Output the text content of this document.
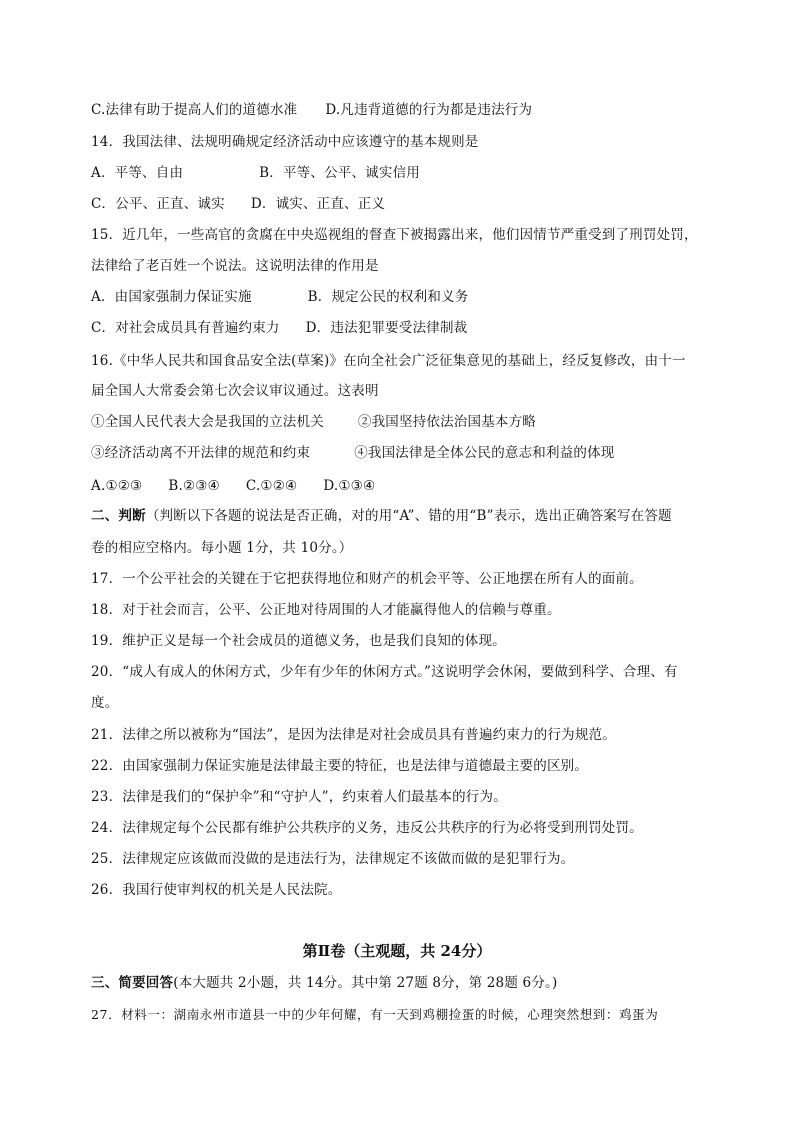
C.法律有助于提高人们的道德水准 D.凡违背道德的行为都是违法行为
14．我国法律、法规明确规定经济活动中应该遵守的基本规则是
A．平等、自由	B．平等、公平、诚实信用
C．公平、正直、诚实 D．诚实、正直、正义
15．近几年，一些高官的贪腐在中央巡视组的督查下被揭露出来，他们因情节严重受到了刑罚处罚，
法律给了老百姓一个说法。这说明法律的作用是
A．由国家强制力保证实施	B．规定公民的权利和义务
C．对社会成员具有普遍约束力 D．违法犯罪要受法律制裁
16.《中华人民共和国食品安全法(草案)》在向全社会广泛征集意见的基础上，经反复修改，由十一
届全国人大常委会第七次会议审议通过。这表明
①全国人民代表大会是我国的立法机关	②我国坚持依法治国基本方略
③经济活动离不开法律的规范和约束	④我国法律是全体公民的意志和利益的体现
A.①②③ B.②③④ C.①②④ D.①③④
二、判断（判断以下各题的说法是否正确，对的用“A”、错的用“B”表示，选出正确答案写在答题
卷的相应空格内。每小题 1分，共 10分。）
17．一个公平社会的关键在于它把获得地位和财产的机会平等、公正地摆在所有人的面前。
18．对于社会而言，公平、公正地对待周围的人才能赢得他人的信赖与尊重。
19．维护正义是每一个社会成员的道德义务，也是我们良知的体现。
20．“成人有成人的休闲方式，少年有少年的休闲方式。”这说明学会休闲，要做到科学、合理、有
度。
21．法律之所以被称为“国法”，是因为法律是对社会成员具有普遍约束力的行为规范。
22．由国家强制力保证实施是法律最主要的特征，也是法律与道德最主要的区别。
23．法律是我们的“保护伞”和“守护人”，约束着人们最基本的行为。
24．法律规定每个公民都有维护公共秩序的义务，违反公共秩序的行为必将受到刑罚处罚。
25．法律规定应该做而没做的是违法行为，法律规定不该做而做的是犯罪行为。
26．我国行使审判权的机关是人民法院。
第Ⅱ卷（主观题，共 24分）
三、简要回答(本大题共 2小题，共 14分。其中第 27题 8分，第 28题 6分。)
27．材料一：湖南永州市道县一中的少年何耀，有一天到鸡棚捡蛋的时候，心理突然想到：鸡蛋为
